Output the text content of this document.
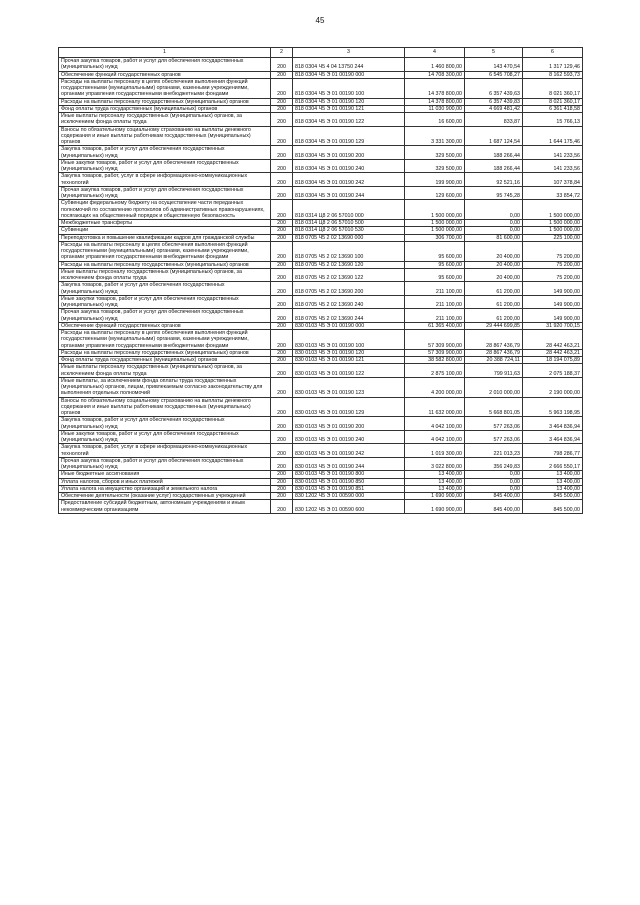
45
1	2	3	4	5	6
Прочая закупка товаров, работ и услуг для обеспечения государственных (муниципальных) нужд	200	818 0304 Ч5 4 04 13750 244	1 460 800,00	143 470,54	1 317 129,46
Обеспечение функций государственных органов	200	818 0304 Ч5 Э 01 00190 000	14 708 300,00	6 545 708,27	8 162 593,73
Расходы на выплаты персоналу в целях обеспечения выполнения функций государственными (муниципальными) органами, казенными учреждениями, органами управления государственными внебюджетными фондами	200	818 0304 Ч5 Э 01 00190 100	14 378 800,00	6 357 439,63	8 021 360,17
Расходы на выплаты персоналу государственных (муниципальных) органов	200	818 0304 Ч5 Э 01 00190 120	14 378 800,00	6 357 439,83	8 021 360,17
Фонд оплаты труда государственных (муниципальных) органов	200	818 0304 Ч5 Э 01 00190 121	11 030 900,00	4 669 481,42	6 361 418,58
Иные выплаты персоналу государственных (муниципальных) органов, за исключением фонда оплаты труда	200	818 0304 Ч5 Э 01 00190 122	16 600,00	833,87	15 766,13
Взносы по обязательному социальному страхованию на выплаты денежного содержания и иные выплаты работникам государственных (муниципальных) органов	200	818 0304 Ч5 Э 01 00190 129	3 331 300,00	1 687 124,54	1 644 175,46
Закупка товаров, работ и услуг для обеспечения государственных (муниципальных) нужд	200	818 0304 Ч5 Э 01 00190 200	329 500,00	188 266,44	141 233,56
Иные закупки товаров, работ и услуг для обеспечения государственных (муниципальных) нужд	200	818 0304 Ч5 Э 01 00190 240	329 500,00	188 266,44	141 233,56
Закупка товаров, работ, услуг в сфере информационно-коммуникационных технологий	200	818 0304 Ч5 Э 01 00190 242	199 900,00	92 521,16	107 378,84
Прочая закупка товаров, работ и услуг для обеспечения государственных (муниципальных) нужд	200	818 0304 Ч5 Э 01 00190 244	129 600,00	95 745,28	33 854,72
Субвенции федеральному бюджету на осуществление части переданных полномочий по составлению протоколов об административных правонарушениях, посягающих на общественный порядок и общественную безопасность	200	818 0314 Ц8 2 06 57010 000	1 500 000,00	0,00	1 500 000,00
Межбюджетные трансферты	200	818 0314 Ц8 2 06 57010 500	1 500 000,00	0,00	1 500 000,00
Субвенции	200	818 0314 Ц8 2 06 57010 530	1 500 000,00	0,00	1 500 000,00
Переподготовка и повышение квалификации кадров для гражданской службы	200	818 0705 Ч5 2 02 13690 000	306 700,00	81 600,00	225 100,00
Расходы на выплаты персоналу в целях обеспечения выполнения функций государственными (муниципальными) органами, казенными учреждениями, органами управления государственными внебюджетными фондами	200	818 0705 Ч5 2 02 13690 100	95 600,00	20 400,00	75 200,00
Расходы на выплаты персоналу государственных (муниципальных) органов	200	818 0705 Ч5 2 02 13690 120	95 600,00	20 400,00	75 200,00
Иные выплаты персоналу государственных (муниципальных) органов, за исключением фонда оплаты труда	200	818 0705 Ч5 2 02 13690 122	95 600,00	20 400,00	75 200,00
Закупка товаров, работ и услуг для обеспечения государственных (муниципальных) нужд	200	818 0705 Ч5 2 02 13690 200	211 100,00	61 200,00	149 900,00
Иные закупки товаров, работ и услуг для обеспечения государственных (муниципальных) нужд	200	818 0705 Ч5 2 02 13690 240	211 100,00	61 200,00	149 900,00
Прочая закупка товаров, работ и услуг для обеспечения государственных (муниципальных) нужд	200	818 0705 Ч5 2 02 13690 244	211 100,00	61 200,00	149 900,00
Обеспечение функций государственных органов	200	830 0103 Ч5 Э 01 00190 000	61 365 400,00	29 444 699,85	31 920 700,15
Расходы на выплаты персоналу в целях обеспечения выполнения функций государственными (муниципальными) органами, казенными учреждениями, органами управления государственными внебюджетными фондами	200	830 0103 Ч5 Э 01 00190 100	57 309 900,00	28 867 436,79	28 442 463,21
Расходы на выплаты персоналу государственных (муниципальных) органов	200	830 0103 Ч5 Э 01 00190 120	57 309 900,00	28 867 436,79	28 442 463,21
Фонд оплаты труда государственных (муниципальных) органов	200	830 0103 Ч5 Э 01 00190 121	38 582 800,00	20 388 724,11	18 194 075,89
Иные выплаты персоналу государственных (муниципальных) органов, за исключением фонда оплаты труда	200	830 0103 Ч5 Э 01 00190 122	2 875 100,00	799 911,63	2 075 188,37
Иные выплаты, за исключением фонда оплаты труда государственных (муниципальных) органов, лицам, привлекаемым согласно законодательству для выполнения отдельных полномочий	200	830 0103 Ч5 Э 01 00190 123	4 200 000,00	2 010 000,00	2 190 000,00
Взносы по обязательному социальному страхованию на выплаты денежного содержания и иные выплаты работникам государственных (муниципальных) органов	200	830 0103 Ч5 Э 01 00190 129	11 632 000,00	5 668 801,05	5 963 198,95
Закупка товаров, работ и услуг для обеспечения государственных (муниципальных) нужд	200	830 0103 Ч5 Э 01 00190 200	4 042 100,00	577 263,06	3 464 836,94
Иные закупки товаров, работ и услуг для обеспечения государственных (муниципальных) нужд	200	830 0103 Ч5 Э 01 00190 240	4 042 100,00	577 263,06	3 464 836,94
Закупка товаров, работ, услуг в сфере информационно-коммуникационных технологий	200	830 0103 Ч5 Э 01 00190 242	1 019 300,00	221 013,23	798 286,77
Прочая закупка товаров, работ и услуг для обеспечения государственных (муниципальных) нужд	200	830 0103 Ч5 Э 01 00190 244	3 022 800,00	356 249,83	2 666 550,17
Иные бюджетные ассигнования	200	830 0103 Ч5 Э 01 00190 800	13 400,00	0,00	13 400,00
Уплата налогов, сборов и иных платежей	200	830 0103 Ч5 Э 01 00190 850	13 400,00	0,00	13 400,00
Уплата налога на имущество организаций и земельного налога	200	830 0103 Ч5 Э 01 00190 851	13 400,00	0,00	13 400,00
Обеспечение деятельности (оказание услуг) государственных учреждений	200	830 1202 Ч5 Э 01 00590 000	1 690 900,00	845 400,00	845 500,00
Предоставление субсидий бюджетным, автономным учреждениям и иным некоммерческим организациям	200	830 1202 Ч5 Э 01 00590 600	1 690 900,00	845 400,00	845 500,00
